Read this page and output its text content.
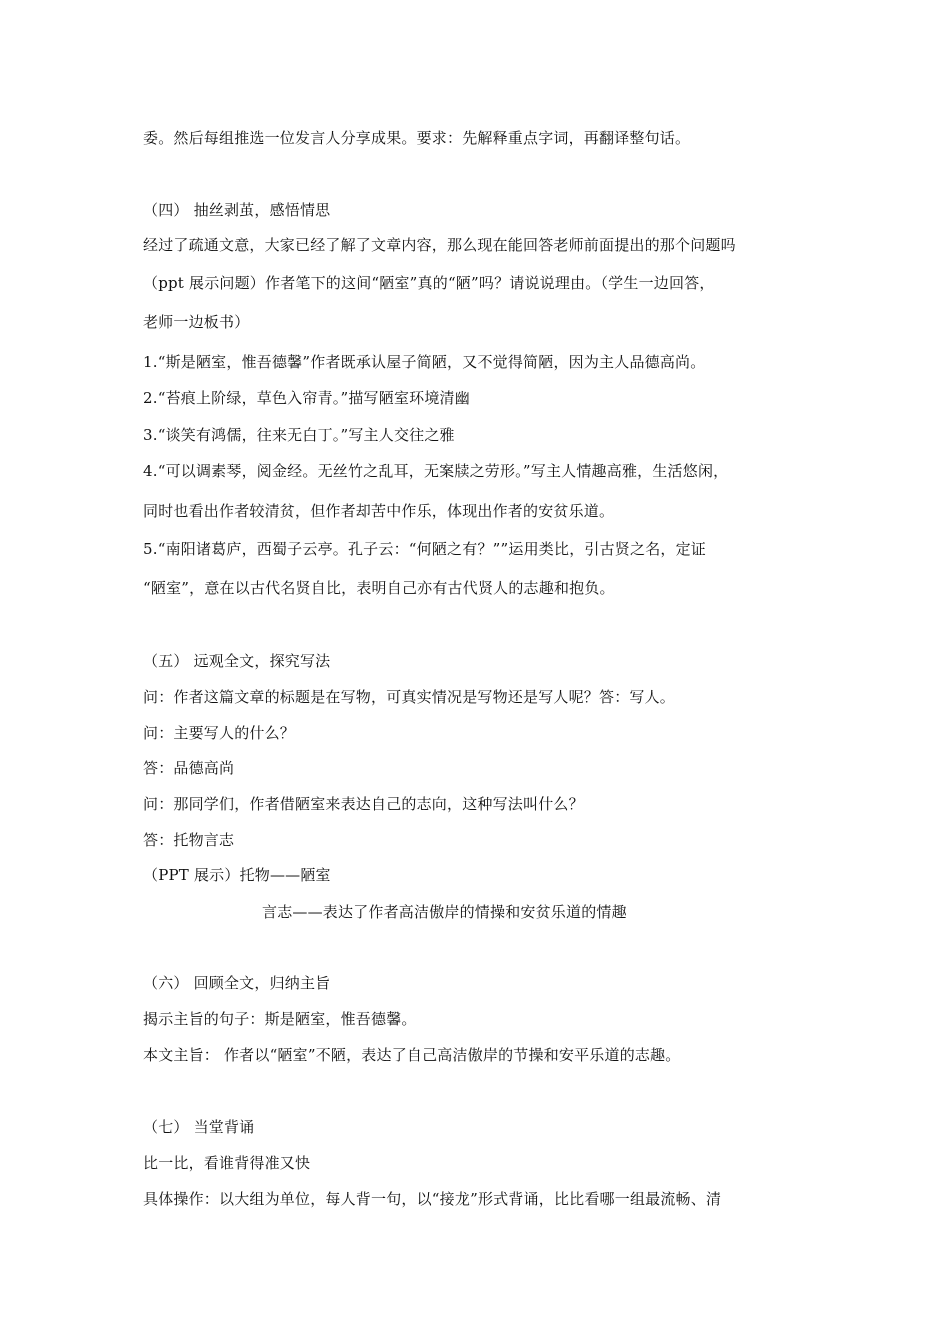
委。然后每组推选一位发言人分享成果。要求：先解释重点字词，再翻译整句话。
（四） 抽丝剥茧，感悟情思
经过了疏通文意，大家已经了解了文章内容，那么现在能回答老师前面提出的那个问题吗
（ppt 展示问题）作者笔下的这间“陋室”真的“陋”吗？请说说理由。（学生一边回答，
老师一边板书）
1.“斯是陋室，惟吾德馨”作者既承认屋子简陋，又不觉得简陋，因为主人品德高尚。
2.“苔痕上阶绿，草色入帘青。”描写陋室环境清幽
3.“谈笑有鸿儒，往来无白丁。”写主人交往之雅
4.“可以调素琴，阅金经。无丝竹之乱耳，无案牍之劳形。”写主人情趣高雅，生活悠闲，
同时也看出作者较清贫，但作者却苦中作乐，体现出作者的安贫乐道。
5.“南阳诸葛庐，西蜀子云亭。孔子云：“何陋之有？””运用类比，引古贤之名，定证
“陋室”，意在以古代名贤自比，表明自己亦有古代贤人的志趣和抱负。
（五） 远观全文，探究写法
问：作者这篇文章的标题是在写物，可真实情况是写物还是写人呢？答：写人。
问：主要写人的什么？
答：品德高尚
问：那同学们，作者借陋室来表达自己的志向，这种写法叫什么？
答：托物言志
（PPT 展示）托物——陋室
言志——表达了作者高洁傲岸的情操和安贫乐道的情趣
（六） 回顾全文，归纳主旨
揭示主旨的句子：斯是陋室，惟吾德馨。
本文主旨： 作者以“陋室”不陋，表达了自己高洁傲岸的节操和安平乐道的志趣。
（七） 当堂背诵
比一比，看谁背得准又快
具体操作：以大组为单位，每人背一句，以“接龙”形式背诵，比比看哪一组最流畅、清
